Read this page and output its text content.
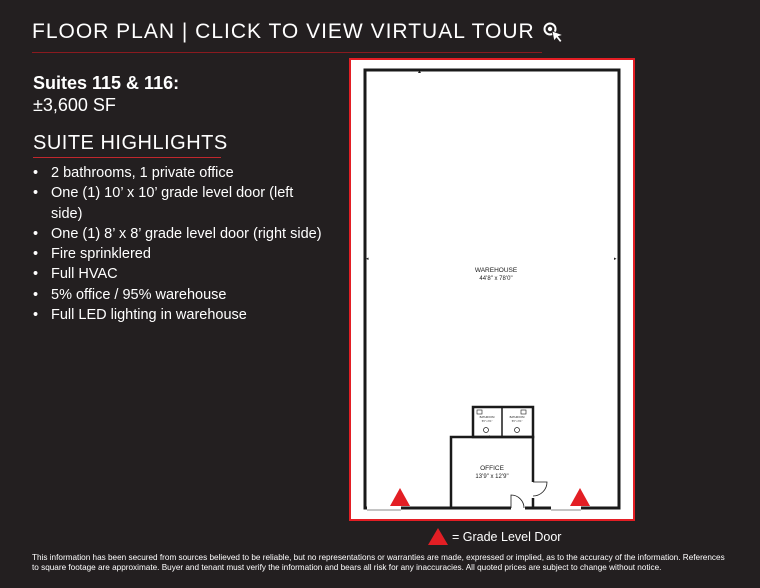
FLOOR PLAN | CLICK TO VIEW VIRTUAL TOUR
Suites 115 & 116:
±3,600 SF
SUITE HIGHLIGHTS
• 2 bathrooms, 1 private office
• One (1) 10’ x 10’ grade level door (left side)
• One (1) 8’ x 8’ grade level door (right side)
• Fire sprinklered
• Full HVAC
• 5% office / 95% warehouse
• Full LED lighting in warehouse
▲
◂	▸
▲
WAREHOUSE
44’8" x 78’0"
OFFICE
13’9" x 12’9"
BATHROOM
5’0" x 6’1"
BATHROOM
5’0" x 6’1"
= Grade Level Door
This information has been secured from sources believed to be reliable, but no representations or warranties are made, expressed or implied, as to the accuracy of the information. References to square footage are approximate. Buyer and tenant must verify the information and bears all risk for any inaccuracies. All quoted prices are subject to change without notice.
